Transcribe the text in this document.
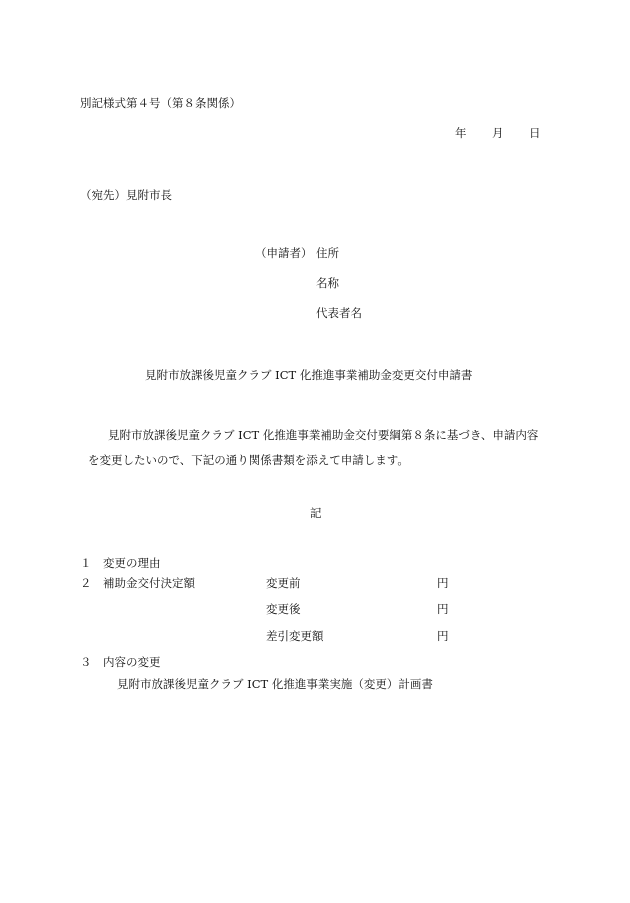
別記様式第４号（第８条関係）
年 月 日
（宛先）見附市長
（申請者） 住所
名称
代表者名
見附市放課後児童クラブ ICT 化推進事業補助金変更交付申請書
見附市放課後児童クラブ ICT 化推進事業補助金交付要綱第８条に基づき、申請内容
を変更したいので、下記の通り関係書類を添えて申請します。
記
１ 変更の理由
２ 補助金交付決定額	変更前	円
変更後	円
差引変更額	円
３ 内容の変更
見附市放課後児童クラブ ICT 化推進事業実施（変更）計画書
